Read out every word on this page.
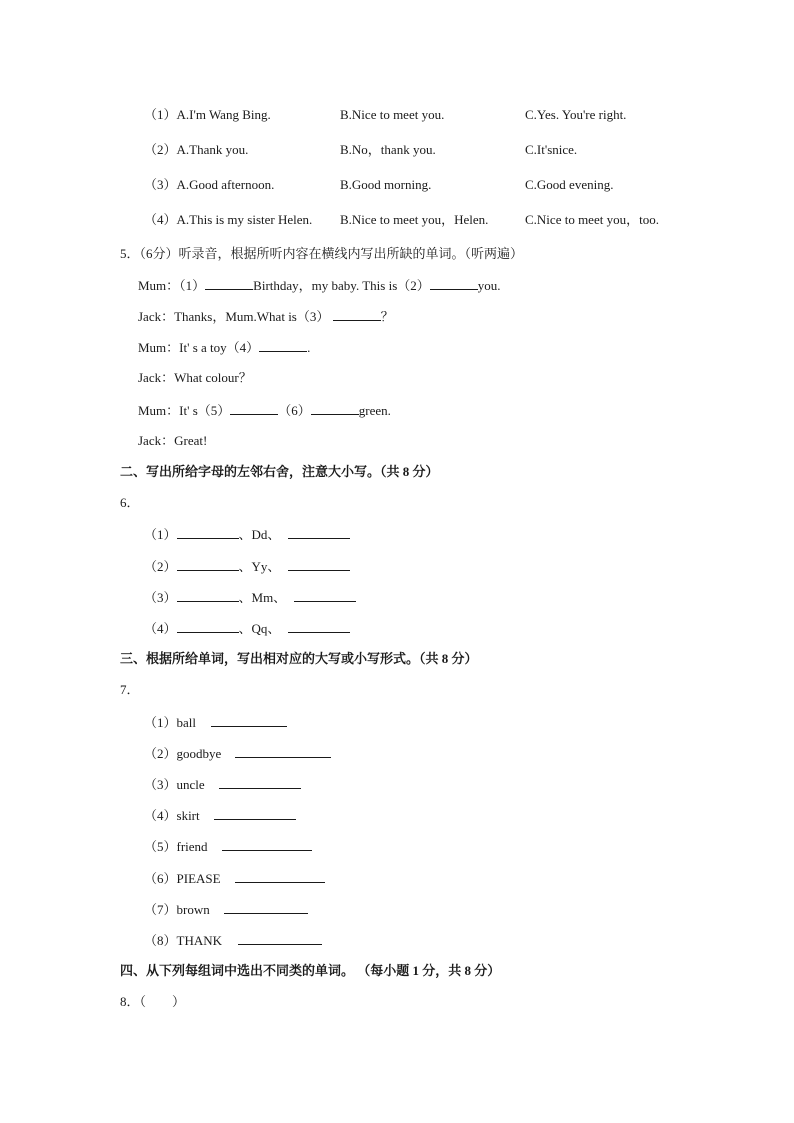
（1）A.I'm Wang Bing.	B.Nice to meet you.	C.Yes. You're right.
（2）A.Thank you.	B.No，thank you.	C.It'snice.
（3）A.Good afternoon.	B.Good morning.	C.Good evening.
（4）A.This is my sister Helen. B.Nice to meet you，Helen.	C.Nice to meet you，too.
5．（6分）听录音，根据所听内容在横线内写出所缺的单词。（听两遍）
Mum：（1）	Birthday，my baby. This is（2）	you.
Jack：Thanks，Mum.What is（3）	？
Mum：It' s a toy（4）	.
Jack：What colour？
Mum：It' s（5）	（6）	green.
Jack：Great!
二、写出所给字母的左邻右舍，注意大小写。（共 8 分）
6．
（1）	、Dd、
（2）	、Yy、
（3）	、Mm、
（4）	、Qq、
三、根据所给单词，写出相对应的大写或小写形式。（共 8 分）
7．
（1）ball
（2）goodbye
（3）uncle
（4）skirt
（5）friend
（6）PIEASE
（7）brown
（8）THANK
四、从下列每组词中选出不同类的单词。 （每小题 1 分，共 8 分）
8．（　　）
